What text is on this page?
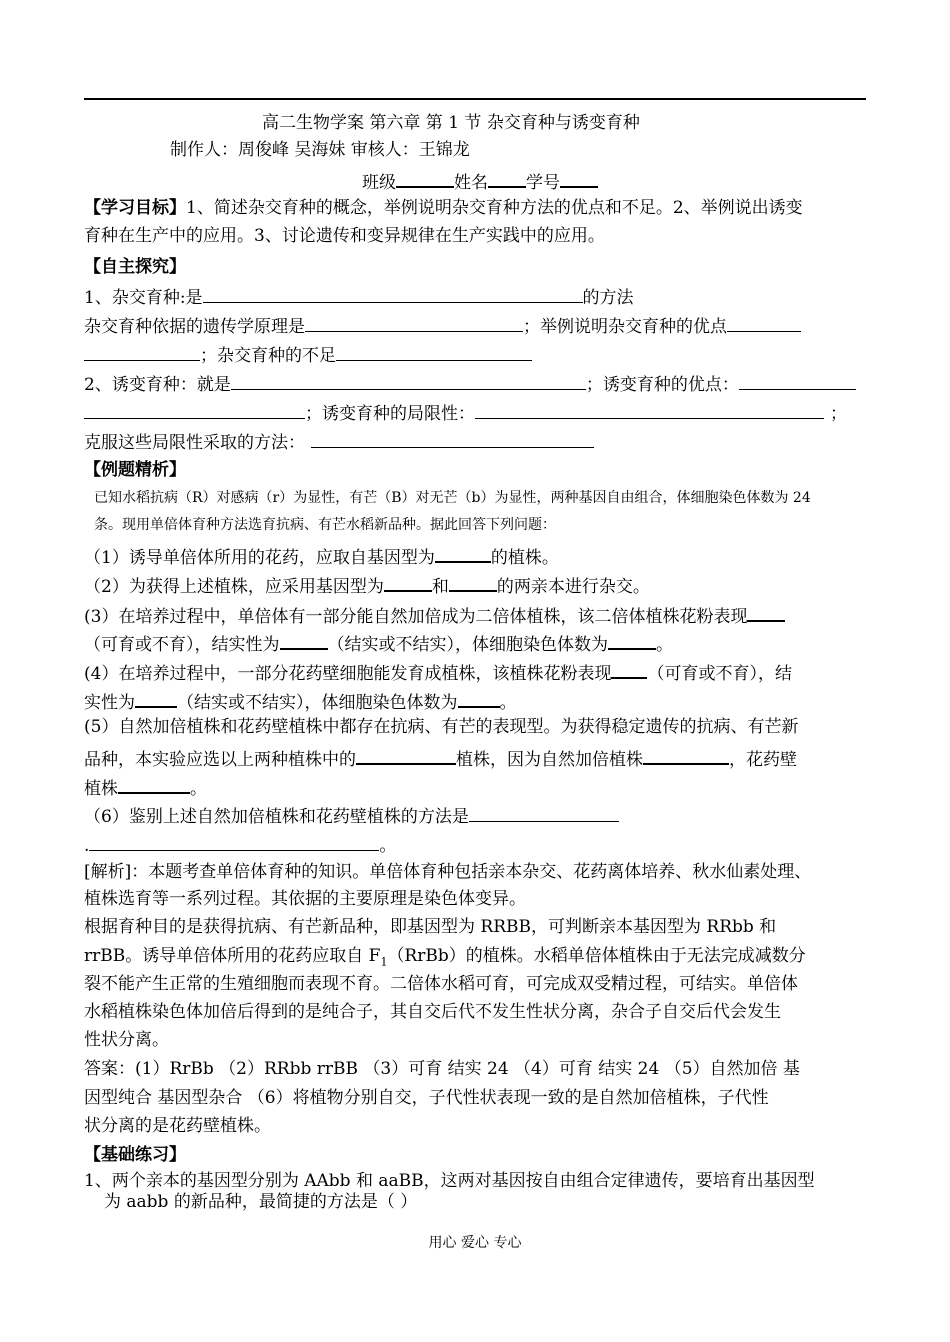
高二生物学案 第六章 第 1 节 杂交育种与诱变育种
制作人：周俊峰 吴海妹 审核人：王锦龙
班级	姓名 学号
【学习目标】1、简述杂交育种的概念，举例说明杂交育种方法的优点和不足。2、举例说出诱变
育种在生产中的应用。3、讨论遗传和变异规律在生产实践中的应用。
【自主探究】
1、杂交育种:是	的方法
杂交育种依据的遗传学原理是	；举例说明杂交育种的优点
；杂交育种的不足
2、诱变育种：就是	；诱变育种的优点：
；诱变育种的局限性：	；
克服这些局限性采取的方法：
【例题精析】
已知水稻抗病（R）对感病（r）为显性，有芒（B）对无芒（b）为显性，两种基因自由组合，体细胞染色体数为 24
条。现用单倍体育种方法选育抗病、有芒水稻新品种。据此回答下列问题：
（1）诱导单倍体所用的花药，应取自基因型为	的植株。
（2）为获得上述植株，应采用基因型为	和	的两亲本进行杂交。
(3）在培养过程中，单倍体有一部分能自然加倍成为二倍体植株，该二倍体植株花粉表现
（可育或不育），结实性为	（结实或不结实），体细胞染色体数为	。
(4）在培养过程中，一部分花药壁细胞能发育成植株，该植株花粉表现 （可育或不育），结
实性为 （结实或不结实），体细胞染色体数为 。
(5）自然加倍植株和花药壁植株中都存在抗病、有芒的表现型。为获得稳定遗传的抗病、有芒新
品种，本实验应选以上两种植株中的	植株，因为自然加倍植株	，花药壁
植株	。
（6）鉴别上述自然加倍植株和花药壁植株的方法是
.	。
[解析]：本题考查单倍体育种的知识。单倍体育种包括亲本杂交、花药离体培养、秋水仙素处理、
植株选育等一系列过程。其依据的主要原理是染色体变异。
根据育种目的是获得抗病、有芒新品种，即基因型为 RRBB，可判断亲本基因型为 RRbb 和
rrBB。诱导单倍体所用的花药应取自 $F_1(RrBb)$的植株。水稻单倍体植株由于无法完成减数分
裂不能产生正常的生殖细胞而表现不育。二倍体水稻可育，可完成双受精过程，可结实。单倍体
水稻植株染色体加倍后得到的是纯合子，其自交后代不发生性状分离，杂合子自交后代会发生
性状分离。
答案：(1）RrBb （2）RRbb rrBB （3）可育 结实 24 （4）可育 结实 24 （5）自然加倍 基
因型纯合 基因型杂合 （6）将植物分别自交，子代性状表现一致的是自然加倍植株，子代性
状分离的是花药壁植株。
【基础练习】
1、两个亲本的基因型分别为 AAbb 和 aaBB，这两对基因按自由组合定律遗传，要培育出基因型
为 aabb 的新品种，最简捷的方法是（ ）
用心 爱心 专心
